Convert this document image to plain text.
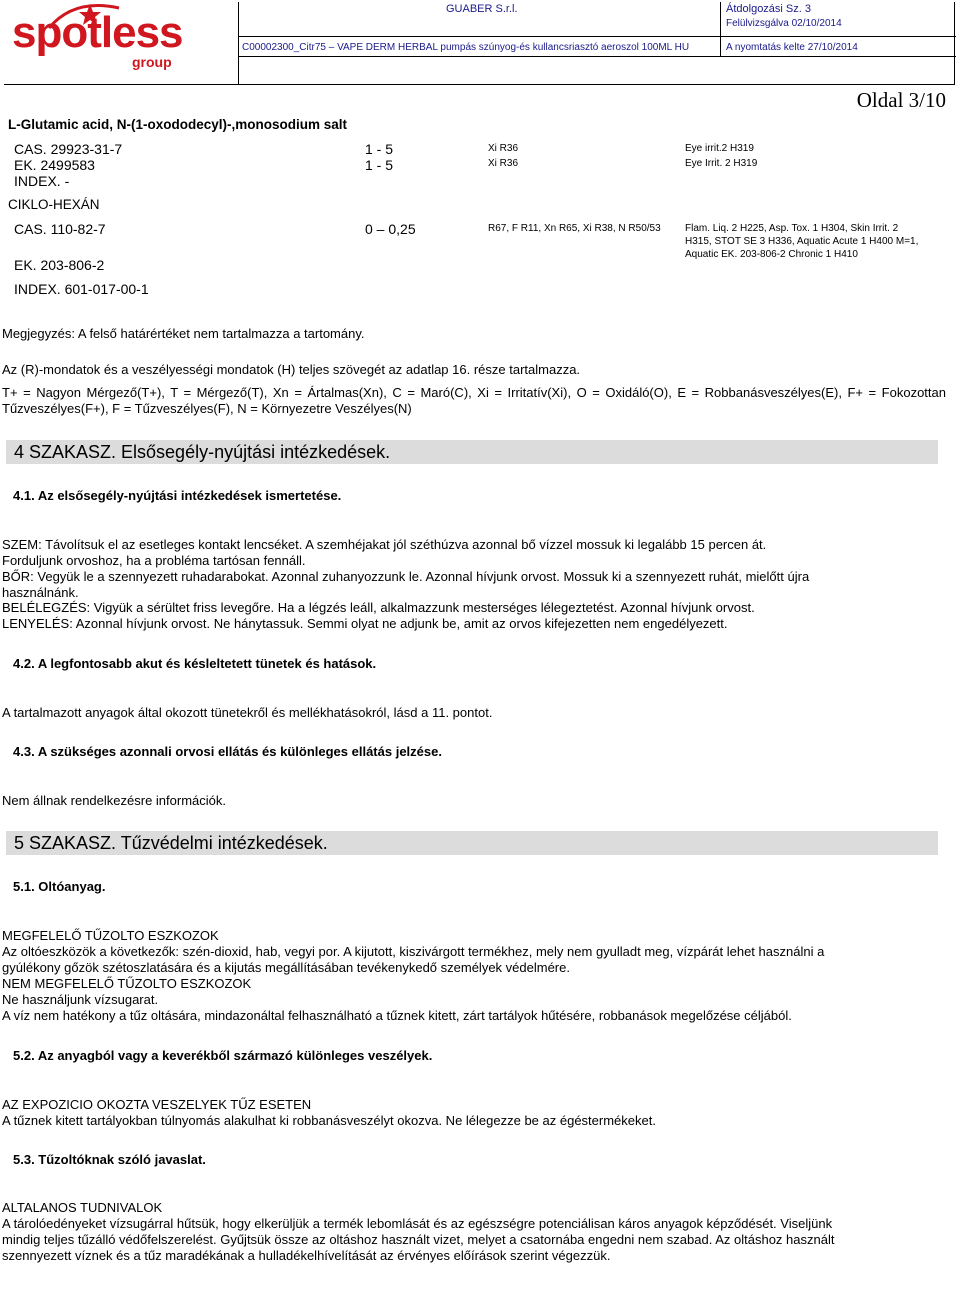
spotless
group
GUABER S.r.l.
C00002300_Citr75 – VAPE DERM HERBAL pumpás szúnyog-és kullancsriasztó aeroszol 100ML HU
Átdolgozási Sz. 3
Felülvizsgálva 02/10/2014
A nyomtatás kelte 27/10/2014
Oldal 3/10
L-Glutamic acid, N-(1-oxododecyl)-,monosodium salt
CAS. 29923-31-7
EK. 2499583
INDEX. -
1 - 5
1 - 5
Xi R36
Xi R36
Eye irrit.2 H319
Eye Irrit. 2 H319
CIKLO-HEXÁN
CAS. 110-82-7
EK. 203-806-2
INDEX. 601-017-00-1
0 – 0,25	R67, F R11, Xn R65, Xi R38, N R50/53 Flam. Liq. 2 H225, Asp. Tox. 1 H304, Skin Irrit. 2 H315, STOT SE 3 H336, Aquatic Acute 1 H400 M=1, Aquatic EK. 203-806-2 Chronic 1 H410
Megjegyzés: A felső határértéket nem tartalmazza a tartomány.
Az (R)-mondatok és a veszélyességi mondatok (H) teljes szövegét az adatlap 16. része tartalmazza.
T+ = Nagyon Mérgező(T+), T = Mérgező(T), Xn = Ártalmas(Xn), C = Maró(C), Xi = Irritatív(Xi), O = Oxidáló(O), E = Robbanásveszélyes(E), F+ = Fokozottan Tűzveszélyes(F+), F = Tűzveszélyes(F), N = Környezetre Veszélyes(N)
4 SZAKASZ. Elsősegély-nyújtási intézkedések.
4.1. Az elsősegély-nyújtási intézkedések ismertetése.
SZEM: Távolítsuk el az esetleges kontakt lencséket. A szemhéjakat jól széthúzva azonnal bő vízzel mossuk ki legalább 15 percen át.
Forduljunk orvoshoz, ha a probléma tartósan fennáll.
BŐR: Vegyük le a szennyezett ruhadarabokat. Azonnal zuhanyozzunk le. Azonnal hívjunk orvost. Mossuk ki a szennyezett ruhát, mielőtt újra használnánk.
BELÉLEGZÉS: Vigyük a sérültet friss levegőre. Ha a légzés leáll, alkalmazzunk mesterséges lélegeztetést. Azonnal hívjunk orvost.
LENYELÉS: Azonnal hívjunk orvost. Ne hánytassuk. Semmi olyat ne adjunk be, amit az orvos kifejezetten nem engedélyezett.
4.2. A legfontosabb akut és késleltetett tünetek és hatások.
A tartalmazott anyagok által okozott tünetekről és mellékhatásokról, lásd a 11. pontot.
4.3. A szükséges azonnali orvosi ellátás és különleges ellátás jelzése.
Nem állnak rendelkezésre információk.
5 SZAKASZ. Tűzvédelmi intézkedések.
5.1. Oltóanyag.
MEGFELELŐ TŰZOLTO ESZKOZOK
Az oltóeszközök a következők: szén-dioxid, hab, vegyi por. A kijutott, kiszivárgott termékhez, mely nem gyulladt meg, vízpárát lehet használni a gyúlékony gőzök szétoszlatására és a kijutás megállításában tevékenykedő személyek védelmére.
NEM MEGFELELŐ TŰZOLTO ESZKOZOK
Ne használjunk vízsugarat.
A víz nem hatékony a tűz oltására, mindazonáltal felhasználható a tűznek kitett, zárt tartályok hűtésére, robbanások megelőzése céljából.
5.2. Az anyagból vagy a keverékből származó különleges veszélyek.
AZ EXPOZICIO OKOZTA VESZELYEK TŰZ ESETEN
A tűznek kitett tartályokban túlnyomás alakulhat ki robbanásveszélyt okozva. Ne lélegezze be az égéstermékeket.
5.3. Tűzoltóknak szóló javaslat.
ALTALANOS TUDNIVALOK
A tárolóedényeket vízsugárral hűtsük, hogy elkerüljük a termék lebomlását és az egészségre potenciálisan káros anyagok képződését. Viseljünk mindig teljes tűzálló védőfelszerelést. Gyűjtsük össze az oltáshoz használt vizet, melyet a csatornába engedni nem szabad. Az oltáshoz használt szennyezett víznek és a tűz maradékának a hulladékelhívelítását az érvényes előírások szerint végezzük.
